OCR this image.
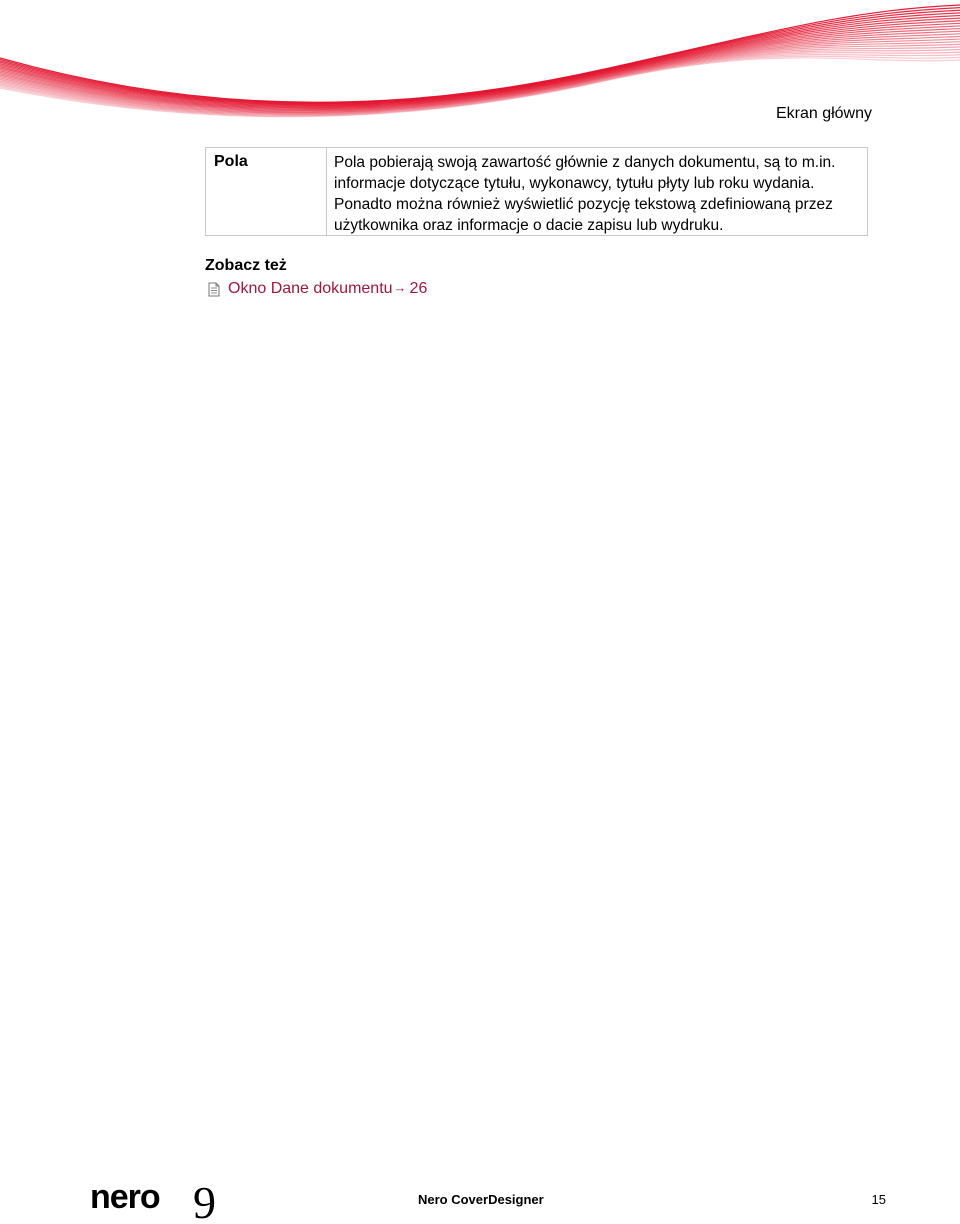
Ekran główny
Pola	Pola pobierają swoją zawartość głównie z danych dokumentu, są to m.in.
informacje dotyczące tytułu, wykonawcy, tytułu płyty lub roku wydania.
Ponadto można również wyświetlić pozycję tekstową zdefiniowaną przez
użytkownika oraz informacje o dacie zapisu lub wydruku.
Zobacz też
Okno Dane dokumentu → 26
nero 9	Nero CoverDesigner	15
